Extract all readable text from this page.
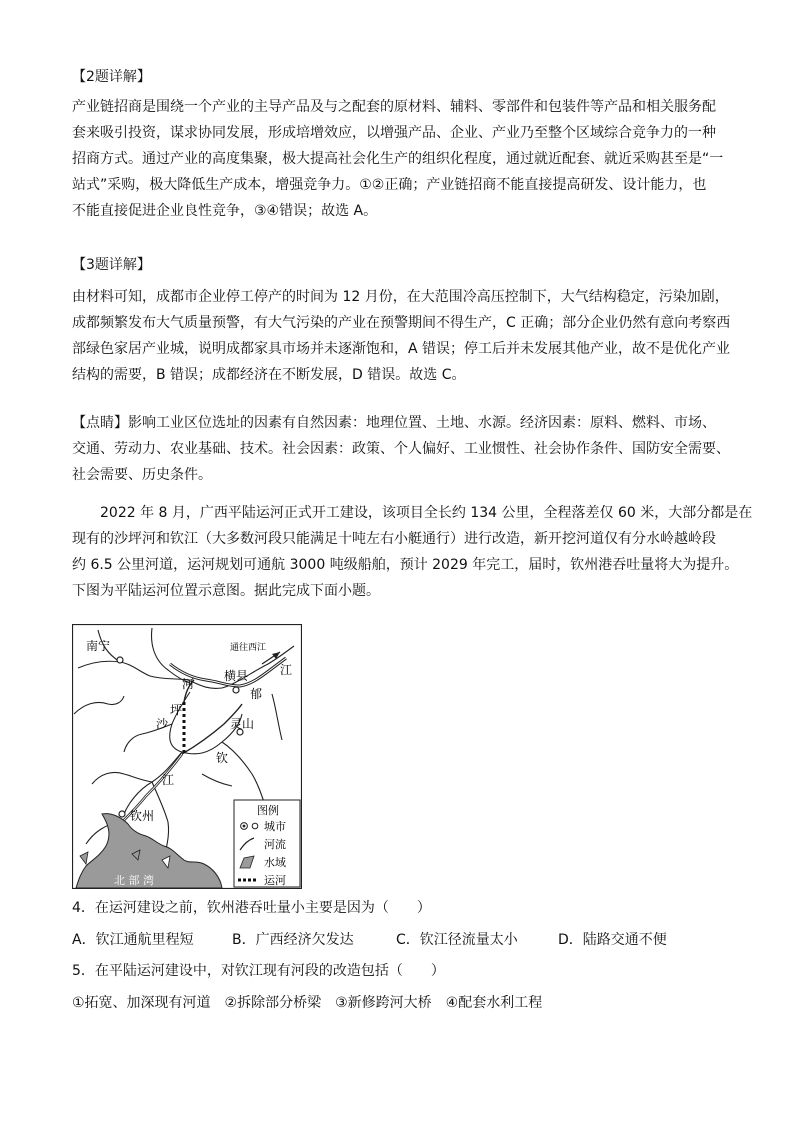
【2题详解】
产业链招商是围绕一个产业的主导产品及与之配套的原材料、辅料、零部件和包装件等产品和相关服务配
套来吸引投资，谋求协同发展，形成培增效应，以增强产品、企业、产业乃至整个区域综合竞争力的一种
招商方式。通过产业的高度集聚，极大提高社会化生产的组织化程度，通过就近配套、就近采购甚至是“一
站式”采购，极大降低生产成本，增强竞争力。①②正确；产业链招商不能直接提高研发、设计能力，也
不能直接促进企业良性竞争，③④错误；故选 A。
【3题详解】
由材料可知，成都市企业停工停产的时间为 12 月份，在大范围冷高压控制下，大气结构稳定，污染加剧，
成都频繁发布大气质量预警，有大气污染的产业在预警期间不得生产，C 正确；部分企业仍然有意向考察西
部绿色家居产业城，说明成都家具市场并未逐渐饱和，A 错误；停工后并未发展其他产业，故不是优化产业
结构的需要，B 错误；成都经济在不断发展，D 错误。故选 C。
【点睛】影响工业区位选址的因素有自然因素：地理位置、土地、水源。经济因素：原料、燃料、市场、
交通、劳动力、农业基础、技术。社会因素：政策、个人偏好、工业惯性、社会协作条件、国防安全需要、
社会需要、历史条件。
　　2022 年 8 月，广西平陆运河正式开工建设，该项目全长约 134 公里，全程落差仅 60 米，大部分都是在
现有的沙坪河和钦江（大多数河段只能满足十吨左右小艇通行）进行改造，新开挖河道仅有分水岭越岭段
约 6.5 公里河道，运河规划可通航 3000 吨级船舶，预计 2029 年完工，届时，钦州港吞吐量将大为提升。
下图为平陆运河位置示意图。据此完成下面小题。
南宁	通往西江
江
横县
郁
河
坪
沙	灵山
钦
江
钦州
北 部 湾
图例
城市
河流
水域
运河
4．在运河建设之前，钦州港吞吐量小主要是因为（　　）
A．钦江通航里程短	B．广西经济欠发达	C．钦江径流量太小	D．陆路交通不便
5．在平陆运河建设中，对钦江现有河段的改造包括（　　）
①拓宽、加深现有河道　②拆除部分桥梁　③新修跨河大桥　④配套水利工程
